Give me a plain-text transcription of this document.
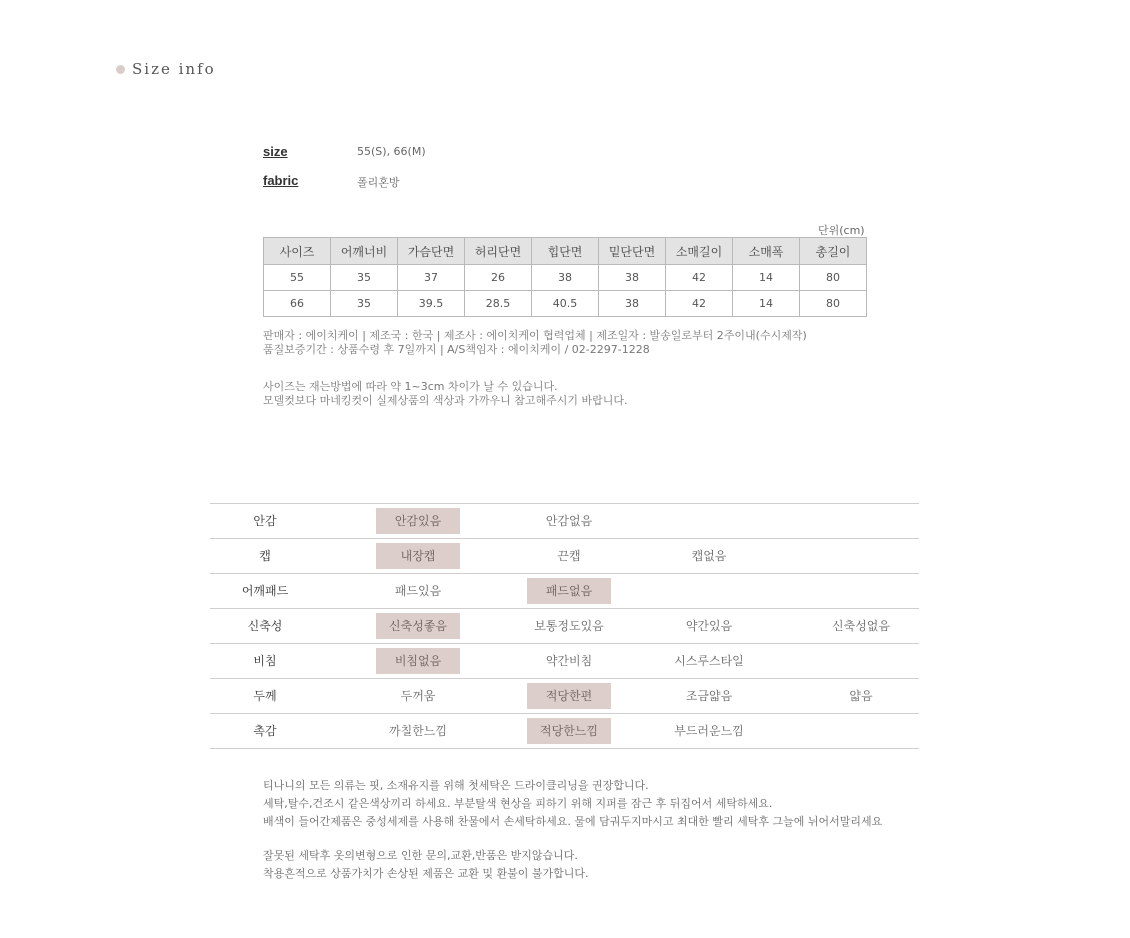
Size info
size	55(S), 66(M)
fabric	폴리혼방
단위(cm)
사이즈	어깨너비	가슴단면	허리단면	힙단면	밑단단면	소매길이	소매폭	총길이
55	35	37	26	38	38	42	14	80
66	35	39.5	28.5	40.5	38	42	14	80
판매자 : 에이치케이 | 제조국 : 한국 | 제조사 : 에이치케이 협력업체 | 제조일자 : 발송일로부터 2주이내(수시제작)
품질보증기간 : 상품수령 후 7일까지 | A/S책임자 : 에이치케이 / 02-2297-1228
사이즈는 재는방법에 따라 약 1~3cm 차이가 날 수 있습니다.
모델컷보다 마네킹컷이 실제상품의 색상과 가까우니 참고해주시기 바랍니다.
안감	안감있음	안감없음
캡	내장캡	끈캡	캡없음
어깨패드	패드있음	패드없음
신축성	신축성좋음	보통정도있음	약간있음	신축성없음
비침	비침없음	약간비침	시스루스타일
두께	두꺼움	적당한편	조금얇음	얇음
촉감	까칠한느낌	적당한느낌	부드러운느낌
티나니의 모든 의류는 핏, 소재유지를 위해 첫세탁은 드라이클리닝을 권장합니다.
세탁,탈수,건조시 같은색상끼리 하세요. 부분탈색 현상을 피하기 위해 지퍼를 잠근 후 뒤집어서 세탁하세요.
배색이 들어간제품은 중성세제를 사용해 찬물에서 손세탁하세요. 물에 담궈두지마시고 최대한 빨리 세탁후 그늘에 뉘어서말리세요
잘못된 세탁후 옷의변형으로 인한 문의,교환,반품은 받지않습니다.
착용흔적으로 상품가치가 손상된 제품은 교환 및 환불이 불가합니다.
